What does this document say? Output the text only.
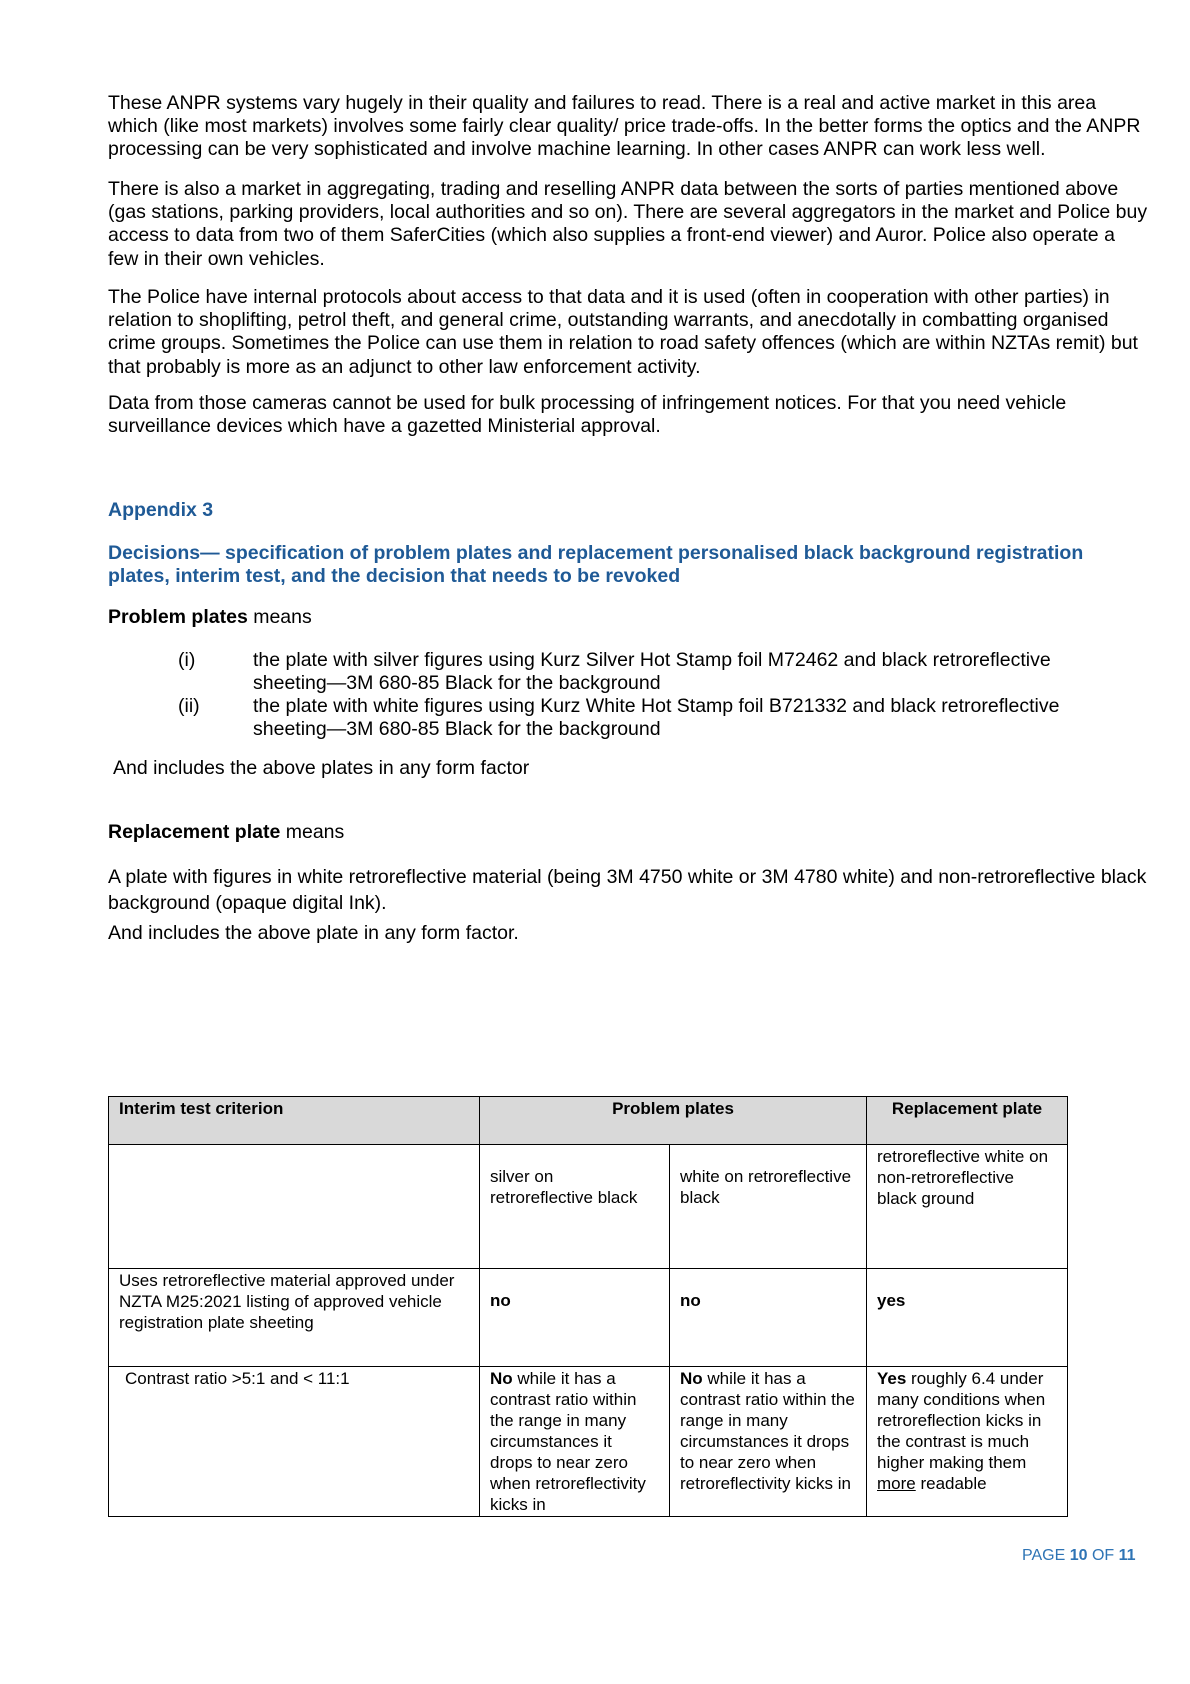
These ANPR systems vary hugely in their quality and failures to read. There is a real and active market in this area which (like most markets) involves some fairly clear quality/ price trade-offs. In the better forms the optics and the ANPR processing can be very sophisticated and involve machine learning. In other cases ANPR can work less well.

There is also a market in aggregating, trading and reselling ANPR data between the sorts of parties mentioned above (gas stations, parking providers, local authorities and so on). There are several aggregators in the market and Police buy access to data from two of them SaferCities (which also supplies a front-end viewer) and Auror. Police also operate a few in their own vehicles.

The Police have internal protocols about access to that data and it is used (often in cooperation with other parties) in relation to shoplifting, petrol theft, and general crime, outstanding warrants, and anecdotally in combatting organised crime groups. Sometimes the Police can use them in relation to road safety offences (which are within NZTAs remit) but that probably is more as an adjunct to other law enforcement activity.

Data from those cameras cannot be used for bulk processing of infringement notices. For that you need vehicle surveillance devices which have a gazetted Ministerial approval.

Appendix 3

Decisions— specification of problem plates and replacement personalised black background registration plates, interim test, and the decision that needs to be revoked

Problem plates means

(i)	the plate with silver figures using Kurz Silver Hot Stamp foil M72462 and black retroreflective sheeting—3M 680-85 Black for the background
(ii)	the plate with white figures using Kurz White Hot Stamp foil B721332 and black retroreflective sheeting—3M 680-85 Black for the background

And includes the above plates in any form factor

Replacement plate means

A plate with figures in white retroreflective material (being 3M 4750 white or 3M 4780 white) and non-retroreflective black background (opaque digital Ink).

And includes the above plate in any form factor.

Interim test criterion	Problem plates		Replacement plate

	silver on retroreflective black	white on retroreflective black	retroreflective white on non-retroreflective black ground

Uses retroreflective material approved under NZTA M25:2021 listing of approved vehicle registration plate sheeting	no	no	yes

Contrast ratio >5:1 and < 11:1	No while it has a contrast ratio within the range in many circumstances it drops to near zero when retroreflectivity kicks in	No while it has a contrast ratio within the range in many circumstances it drops to near zero when retroreflectivity kicks in	Yes roughly 6.4 under many conditions when retroreflection kicks in the contrast is much higher making them more readable
PAGE 10 OF 11
